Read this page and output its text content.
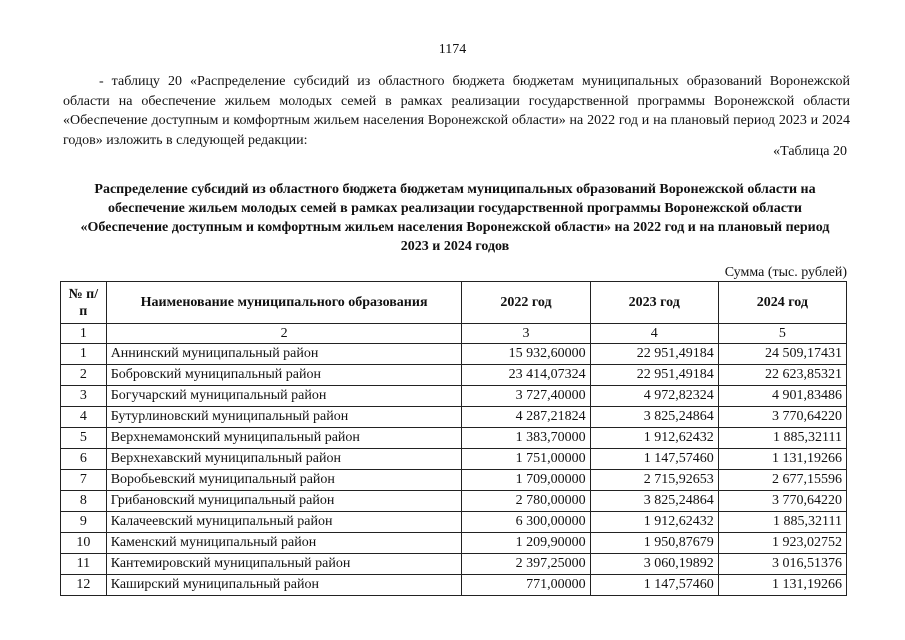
1174
- таблицу 20 «Распределение субсидий из областного бюджета бюджетам муниципальных образований Воронежской области на обеспечение жильем молодых семей в рамках реализации государственной программы Воронежской области «Обеспечение доступным и комфортным жильем населения Воронежской области» на 2022 год и на плановый период 2023 и 2024 годов» изложить в следующей редакции:
«Таблица 20
Распределение субсидий из областного бюджета бюджетам муниципальных образований Воронежской области на обеспечение жильем молодых семей в рамках реализации государственной программы Воронежской области «Обеспечение доступным и комфортным жильем населения Воронежской области» на 2022 год и на плановый период 2023 и 2024 годов
Сумма (тыс. рублей)
№ п/п	Наименование муниципального образования	2022 год	2023 год	2024 год
1	2	3	4	5
1	Аннинский муниципальный район	15 932,60000	22 951,49184	24 509,17431
2	Бобровский муниципальный район	23 414,07324	22 951,49184	22 623,85321
3	Богучарский муниципальный район	3 727,40000	4 972,82324	4 901,83486
4	Бутурлиновский муниципальный район	4 287,21824	3 825,24864	3 770,64220
5	Верхнемамонский муниципальный район	1 383,70000	1 912,62432	1 885,32111
6	Верхнехавский муниципальный район	1 751,00000	1 147,57460	1 131,19266
7	Воробьевский муниципальный район	1 709,00000	2 715,92653	2 677,15596
8	Грибановский муниципальный район	2 780,00000	3 825,24864	3 770,64220
9	Калачеевский муниципальный район	6 300,00000	1 912,62432	1 885,32111
10	Каменский муниципальный район	1 209,90000	1 950,87679	1 923,02752
11	Кантемировский муниципальный район	2 397,25000	3 060,19892	3 016,51376
12	Каширский муниципальный район	771,00000	1 147,57460	1 131,19266
